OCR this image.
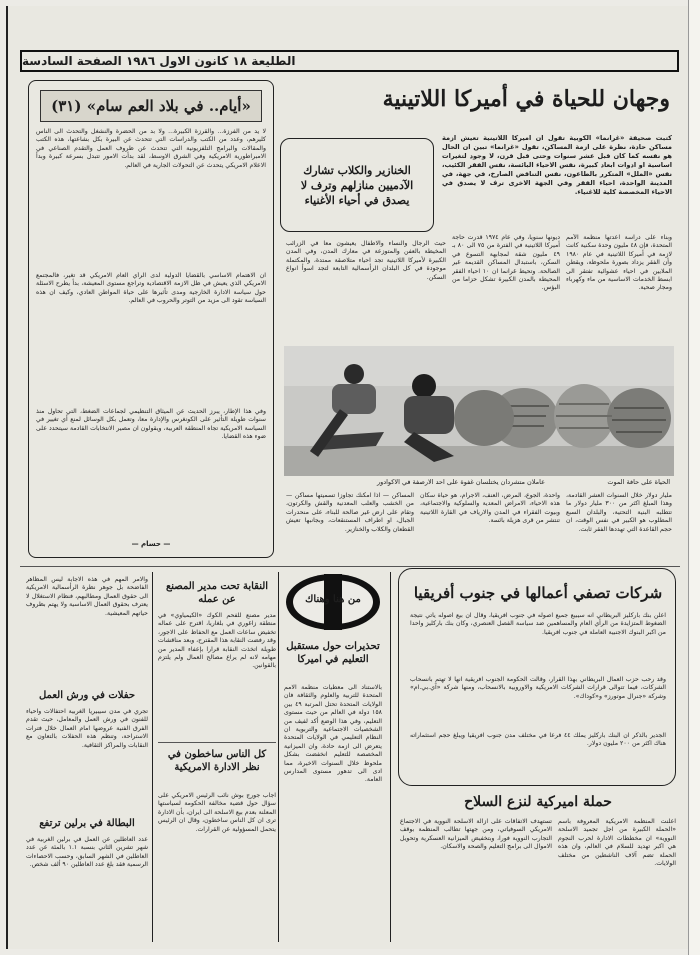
الطليعة ١٨ كانون الاول ١٩٨٦ الصفحة السادسة
«أيام.. في بلاد العم سام» (٣١)
لا يد من الفرزة... والقرزة الكبيرة... ولا بد من الحضرة والنشغل والتحدث الى الناس كليرهم، وعدد من الكتب والدراسات التي تتحدث عن البيرة بكل بشاعتها، هذه الكتب والمقالات والبرامج التلفزيونية التي تتحدث عن ظروف العمل والتقدم الصناعي في الامبراطورية الامريكية وفي الشرق الاوسط، لقد بدأت الامور تتبدل بسرعة كبيرة وبدأ الاعلام الامريكي يتحدث عن التحولات الجارية في العالم.
ان الاهتمام الاساسي بالقضايا الدولية لدى الرأي العام الامريكي قد تغير، فالمجتمع الامريكي الذي يعيش في ظل الازمة الاقتصادية وتراجع مستوى المعيشة، بدأ يطرح الاسئلة حول سياسة الادارة الخارجية ومدى تأثيرها على حياة المواطن العادي، وكيف ان هذه السياسة تقود الى مزيد من التوتر والحروب في العالم.
وفي هذا الإطار، يبرز الحديث عن الميثاق التنظيمي لجماعات الضغط، التي تحاول منذ سنوات طويلة التأثير على الكونغرس والإدارة معا، وتعمل بكل الوسائل لمنع أي تغيير في السياسة الامريكية تجاه المنطقة العربية، ويقولون ان مصير الانتخابات القادمة سيتحدد على ضوء هذه القضايا.
— حسام —
وجهان للحياة في أميركا اللاتينية
كتبت صحيفة «غرانما» الكوبية تقول ان اميركا اللاتينية تعيش ازمة مساكن حادة، نظرة على ازمة المساكن، تقول «غرانما» تبين ان الحال هو نفسه كما كان قبل عشر سنوات وحتى قبل قرن، لا وجود لتغيرات اساسية او ادوات ابعاد كبيرة، نفس الاحياء البائسة، نفس الفقر الكئيب، نفس «الملل» المتكرر بالطاعون، نفس التناقض الصارخ، في جهة، في المدينة الواحدة، احياء الفقر وفي الجهة الاخرى ترف لا يصدق في الاحياء المخصصة كلية للاغنياء.
الخنازير والكلاب تشارك الآدميين منازلهم وترف لا يصدق في أحياء الأغنياء
وبناء على دراسة اعدتها منظمة الأمم المتحدة، فإن ٤٨ مليون وحدة سكنية كانت لازمة في أميركا اللاتينية في عام ١٩٨٠ وأن الفقر يزداد بصورة ملحوظة، ويقطن الملايين في احياء عشوائية تفتقر الى ابسط الخدمات الاساسية من ماء وكهرباء ومجار صحية.
ديونها سنويا، وفي عام ١٩٧٤ قدرت حاجة أميركا اللاتينية في الفترة من ٧٥ الى ٨٠ بـ ٤٩ مليون شقة لمجابهة التسوع في السكن، باستبدال المساكن القديمة غير الصالحة. وتحيط غرانما ان ١٠ احياء الفقر المحيطة بالمدن الكبيرة تشكل حزاما من البؤس.
حيث الرجال والنساء والاطفال يعيشون معا في الزرائب المخيطة بالعفن والمتوزعة في معارك المدن، وفي المدن الكبيرة لأميركا اللاتينية تجد احياء متلاصقة ممتدة، والمكتملة موجودة في كل البلدان الرأسمالية التابعة لتجد اسوأ انواع السكن.
الحياة على حافة الموت
عاملان متشردان يختلسان غفوة على احد الارصفة في الاكوادور
مليار دولار خلال السنوات العشر القادمة، وهذا المبلغ اكثر من ٣٠٠ مليار دولار ما تتطلبه البنية التحتية، والبلدان السبع المطلوب هو الكبير في نفس الوقت، ان حجم القاعدة التي تهددها الفقر ثابت.
واحدة، الجوع، المرض، العنف، الاجرام، هو حياة سكان هذه الاحياء، الامراض المعدية والسلوكية والاجتماعية، وبيوت الفقراء في المدن والارياف في القارة اللاتينية تنتشر من قرى هزيلة بائسة.
المساكن — اذا امكنك تجاوزا تسميتها مساكن — من الخشب والعلب المعدنية والقش والكرتون، وتقام على ارض غير صالحة للبناء، على منحدرات الجبال، او اطراف المستنقعات، وبجانبها تعيش القطعان والكلاب والخنازير.
من هنا وهناك
تحذيرات حول مستقبل التعليم في اميركا
بالاستناد الى معطيات منظمة الامم المتحدة للتربية والعلوم والثقافة فان الولايات المتحدة تحتل المرتبة ٤٩ بين ١٥٨ دولة في العالم من حيث مستوى التعليم، وفي هذا الوضع أكد لفيف من الشخصيات الاجتماعية والتربوية ان النظام التعليمي في الولايات المتحدة يتعرض الى ازمة حادة، وان الميزانية المخصصة للتعليم انخفضت بشكل ملحوظ خلال السنوات الاخيرة، مما ادى الى تدهور مستوى المدارس العامة.
شركات تصفي أعمالها في جنوب أفريقيا
اعلن بنك باركليز البريطاني انه سيبيع جميع اصوله في جنوب افريقيا، وقال ان بيع اصوله يأتي نتيجة الضغوط المتزايدة من الرأي العام والمساهمين ضد سياسة الفصل العنصري، وكان بنك باركليز واحدا من اكبر البنوك الاجنبية العاملة في جنوب افريقيا.
وقد رحب حزب العمال البريطاني بهذا القرار، وقالت الحكومة الجنوب افريقية انها لا تهتم بانسحاب الشركات، فيما تتوالى قرارات الشركات الامريكية والاوروبية بالانسحاب، ومنها شركة «آي.بي.ام» وشركة «جنرال موتورز» و«كوداك».
الجدير بالذكر ان البنك باركليز يملك ٤٤ فرعا في مختلف مدن جنوب افريقيا ويبلغ حجم استثماراته هناك اكثر من ٢٠٠ مليون دولار.
حملة اميركية لنزع السلاح
اعلنت المنظمة الامريكية المعروفة باسم «الحملة الكبيرة من اجل تجميد الاسلحة النووية» ان مخططات الادارة لحرب النجوم هي اكبر تهديد للسلام في العالم، وان هذه الحملة تضم آلاف الناشطين من مختلف الولايات.
تستهدف الاتفاقات على ازالة الاسلحة النووية في الاجتماع الامريكي السوفياتي، ومن جهتها تطالب المنظمة بوقف التجارب النووية فورا، وبتخفيض الميزانية العسكرية وتحويل الاموال الى برامج التعليم والصحة والاسكان.
النقابة تحت مدير المصنع عن عمله
مدير مصنع للفحم الكوك «الكيمياوي» في منطقة زاغوري في بلغاريا، اقترح على عماله تخفيض ساعات العمل مع الحفاظ على الاجور، وقد رفضت النقابة هذا المقترح، وبعد مناقشات طويلة اتخذت النقابة قرارا بإعفاء المدير من مهامه لانه لم يراع مصالح العمال ولم يلتزم بالقوانين.
كل الناس ساخطون في نظر الادارة الامريكية
اجاب جورج بوش نائب الرئيس الامريكي على سؤال حول قضية مخالفة الحكومة لسياستها المعلنة بعدم بيع الاسلحة الى ايران، بأن الادارة ترى ان كل الناس ساخطون، وقال ان الرئيس يتحمل المسؤولية عن القرارات.
والامر المهم في هذه الاجابة ليس المظاهر الفاضحة بل جوهر نظرة الرأسمالية الامريكية الى حقوق العمال ومطالبهم، فنظام الاستغلال لا يعترف بحقوق العمال الاساسية ولا يهتم بظروف حياتهم المعيشية.
حفلات في ورش العمل
تجري في مدن سيبيريا الغربية احتفالات واحياء للفنون في ورش العمل والمعامل، حيث تقدم الفرق الفنية عروضها امام العمال خلال فترات الاستراحة، وتنظم هذه الحفلات بالتعاون مع النقابات والمراكز الثقافية.
البطالة في برلين ترتفع
عدد العاطلين عن العمل في برلين الغربية في شهر تشرين الثاني بنسبة ١.١ بالمئة عن عدد العاطلين في الشهر السابق، وحسب الاحصاءات الرسمية فقد بلغ عدد العاطلين ٩٠ ألف شخص.
